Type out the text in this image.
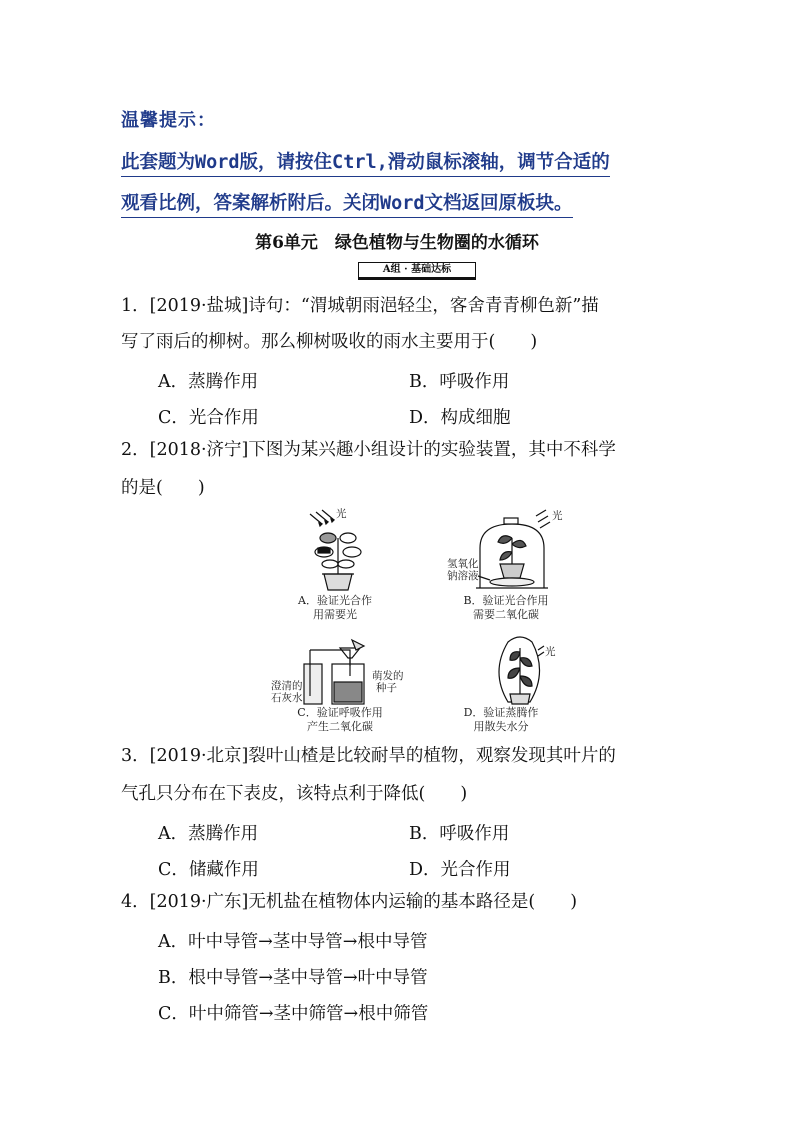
温馨提示：
此套题为Word版，请按住Ctrl,滑动鼠标滚轴，调节合适的
观看比例，答案解析附后。关闭Word文档返回原板块。
第6单元　绿色植物与生物圈的水循环
A组 · 基础达标
1．[2019·盐城]诗句：“渭城朝雨浥轻尘，客舍青青柳色新”描
写了雨后的柳树。那么柳树吸收的雨水主要用于(　　)
A．蒸腾作用	B．呼吸作用
C．光合作用	D．构成细胞
2．[2018·济宁]下图为某兴趣小组设计的实验装置，其中不科学
的是(　　)
光
A．验证光合作
用需要光
光
氢氧化
钠溶液
B．验证光合作用
需要二氧化碳
澄清的
石灰水
萌发的
种子
C．验证呼吸作用
产生二氧化碳
光
D．验证蒸腾作
用散失水分
3．[2019·北京]裂叶山楂是比较耐旱的植物，观察发现其叶片的
气孔只分布在下表皮，该特点利于降低(　　)
A．蒸腾作用	B．呼吸作用
C．储藏作用	D．光合作用
4．[2019·广东]无机盐在植物体内运输的基本路径是(　　)
A．叶中导管→茎中导管→根中导管
B．根中导管→茎中导管→叶中导管
C．叶中筛管→茎中筛管→根中筛管
